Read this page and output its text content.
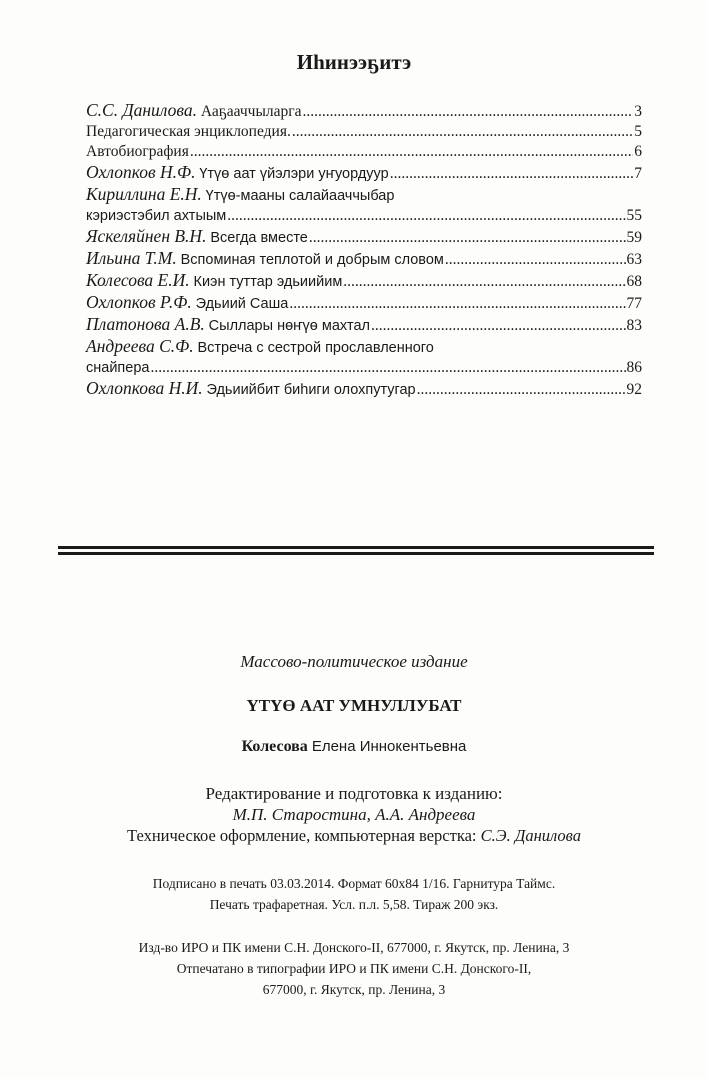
Иhинээҕитэ
С.С. Данилова. Ааҕааччыларга .....	3
Педагогическая энциклопедия. .....	5
Автобиография .....	6
Охлопков Н.Ф. Үтүө аат үйэлэри уҥуордуур .....	7
Кириллина Е.Н. Үтүө-мааны салайааччыбар
кэриэстэбил ахтыым .....	55
Яскеляйнен В.Н. Всегда вместе .....	59
Ильина Т.М. Вспоминая теплотой и добрым словом .....	63
Колесова Е.И. Киэн туттар эдьиийим .....	68
Охлопков Р.Ф. Эдьиий Саша .....	77
Платонова А.В. Сыллары нөҥүө махтал .....	83
Андреева С.Ф. Встреча с сестрой прославленного
снайпера .....	86
Охлопкова Н.И. Эдьиийбит биһиги олохпутугар .....	92
Массово-политическое издание
ҮТҮӨ ААТ УМНУЛЛУБАТ
Колесова Елена Иннокентьевна
Редактирование и подготовка к изданию:
М.П. Старостина, А.А. Андреева
Техническое оформление, компьютерная верстка: С.Э. Данилова
Подписано в печать 03.03.2014. Формат 60х84 1/16. Гарнитура Таймс.
Печать трафаретная. Усл. п.л. 5,58. Тираж 200 экз.
Изд-во ИРО и ПК имени С.Н. Донского-II, 677000, г. Якутск, пр. Ленина, 3
Отпечатано в типографии ИРО и ПК имени С.Н. Донского-II,
677000, г. Якутск, пр. Ленина, 3
